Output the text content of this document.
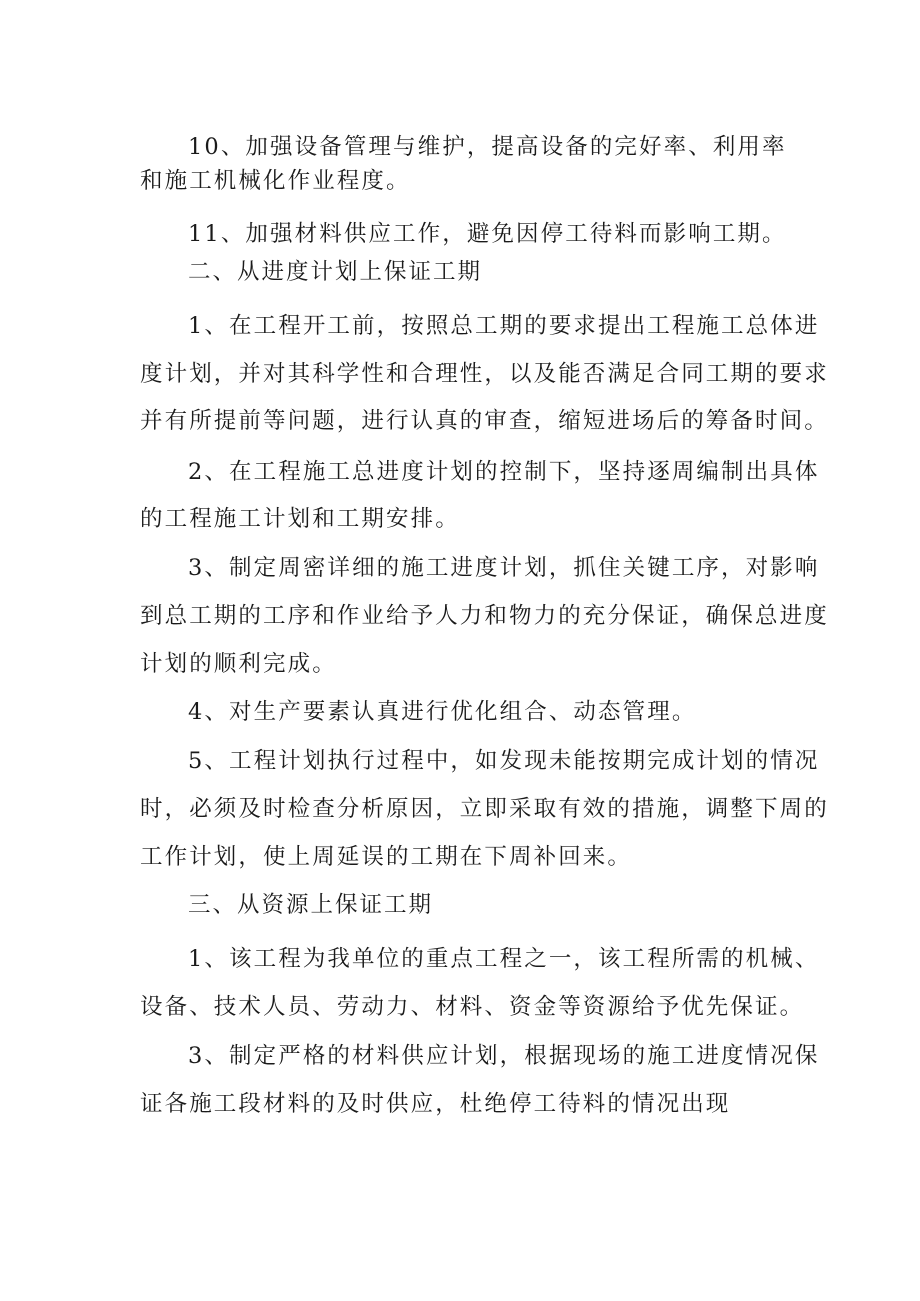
10、加强设备管理与维护，提高设备的完好率、利用率
和施工机械化作业程度。
11、加强材料供应工作，避免因停工待料而影响工期。
二、从进度计划上保证工期
1、在工程开工前，按照总工期的要求提出工程施工总体进
度计划，并对其科学性和合理性，以及能否满足合同工期的要求
并有所提前等问题，进行认真的审查，缩短进场后的筹备时间。
2、在工程施工总进度计划的控制下，坚持逐周编制出具体
的工程施工计划和工期安排。
3、制定周密详细的施工进度计划，抓住关键工序，对影响
到总工期的工序和作业给予人力和物力的充分保证，确保总进度
计划的顺利完成。
4、对生产要素认真进行优化组合、动态管理。
5、工程计划执行过程中，如发现未能按期完成计划的情况
时，必须及时检查分析原因，立即采取有效的措施，调整下周的
工作计划，使上周延误的工期在下周补回来。
三、从资源上保证工期
1、该工程为我单位的重点工程之一，该工程所需的机械、
设备、技术人员、劳动力、材料、资金等资源给予优先保证。
3、制定严格的材料供应计划，根据现场的施工进度情况保
证各施工段材料的及时供应，杜绝停工待料的情况出现
